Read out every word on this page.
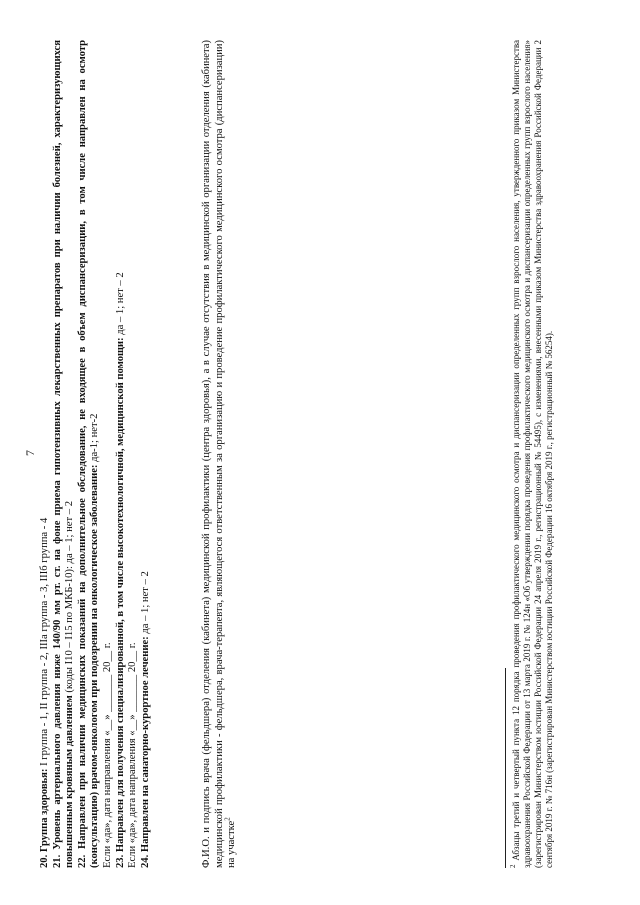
7

20. Группа здоровья: I группа - 1, II группа - 2, IIIа группа - 3, IIIб группа - 4

21. Уровень артериального давления ниже 140/90 мм рт. ст. на фоне приема гипотензивных лекарственных препаратов при наличии болезней, характеризующихся повышенным кровяным давлением (коды I10 – I15 по МКБ-10): да – 1; нет – 2

22. Направлен при наличии медицинских показаний на дополнительное обследование, не входящее в объем диспансеризации, в том числе направлен на осмотр (консультацию) врачом-онкологом при подозрении на онкологическое заболевание: да-1; нет-2

Если «да», дата направления «__» _______ 20__ г. 23. Направлен для получения специализированной, в том числе высокотехнологичной, медицинской помощи: да – 1; нет – 2

Если «да», дата направления «__» _______ 20__ г. 24. Направлен на санаторно-курортное лечение: да – 1; нет – 2	Ф.И.О. и подпись врача (фельдшера) отделения (кабинета) медицинской профилактики (центра здоровья), а в случае отсутствия в медицинской организации отделения (кабинета) медицинской профилактики - фельдшера, врача-терапевта, являющегося ответственным за организацию и проведение профилактического медицинского осмотра (диспансеризации) на участке$^2$

$^2$ Абзацы третий и четвертый пункта 12 порядка проведения профилактического медицинского осмотра и диспансеризации определенных групп взрослого населения, утвержденного приказом Министерства здравоохранения Российской Федерации от 13 марта 2019 г. № 124н «Об утверждении порядка проведения профилактического медицинского осмотра и диспансеризации определенных групп взрослого населения» (зарегистрирован Министерством юстиции Российской Федерации 24 апреля 2019 г., регистрационный № 54495), с изменениями, внесенными приказом Министерства здравоохранения Российской Федерации 2 сентября 2019 г. № 716н (зарегистрирован Министерством юстиции Российской Федерации 16 октября 2019 г., регистрационный № 56254).
